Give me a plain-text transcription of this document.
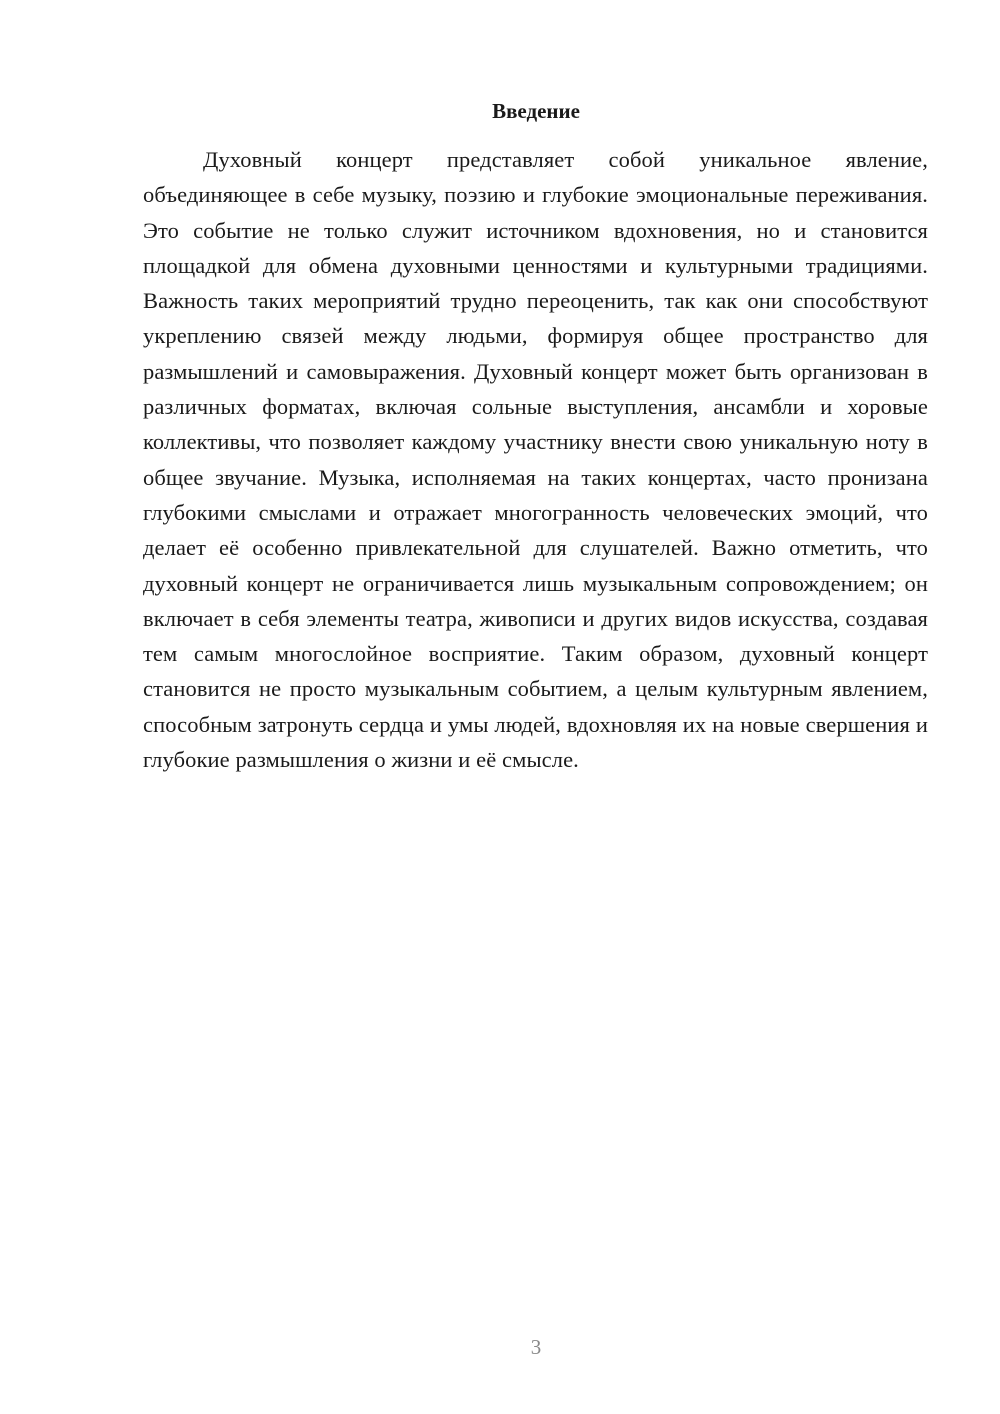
Введение

Духовный концерт представляет собой уникальное явление, объединяющее в себе музыку, поэзию и глубокие эмоциональные переживания. Это событие не только служит источником вдохновения, но и становится площадкой для обмена духовными ценностями и культурными традициями. Важность таких мероприятий трудно переоценить, так как они способствуют укреплению связей между людьми, формируя общее пространство для размышлений и самовыражения. Духовный концерт может быть организован в различных форматах, включая сольные выступления, ансамбли и хоровые коллективы, что позволяет каждому участнику внести свою уникальную ноту в общее звучание. Музыка, исполняемая на таких концертах, часто пронизана глубокими смыслами и отражает многогранность человеческих эмоций, что делает её особенно привлекательной для слушателей. Важно отметить, что духовный концерт не ограничивается лишь музыкальным сопровождением; он включает в себя элементы театра, живописи и других видов искусства, создавая тем самым многослойное восприятие. Таким образом, духовный концерт становится не просто музыкальным событием, а целым культурным явлением, способным затронуть сердца и умы людей, вдохновляя их на новые свершения и глубокие размышления о жизни и её смысле.

3
